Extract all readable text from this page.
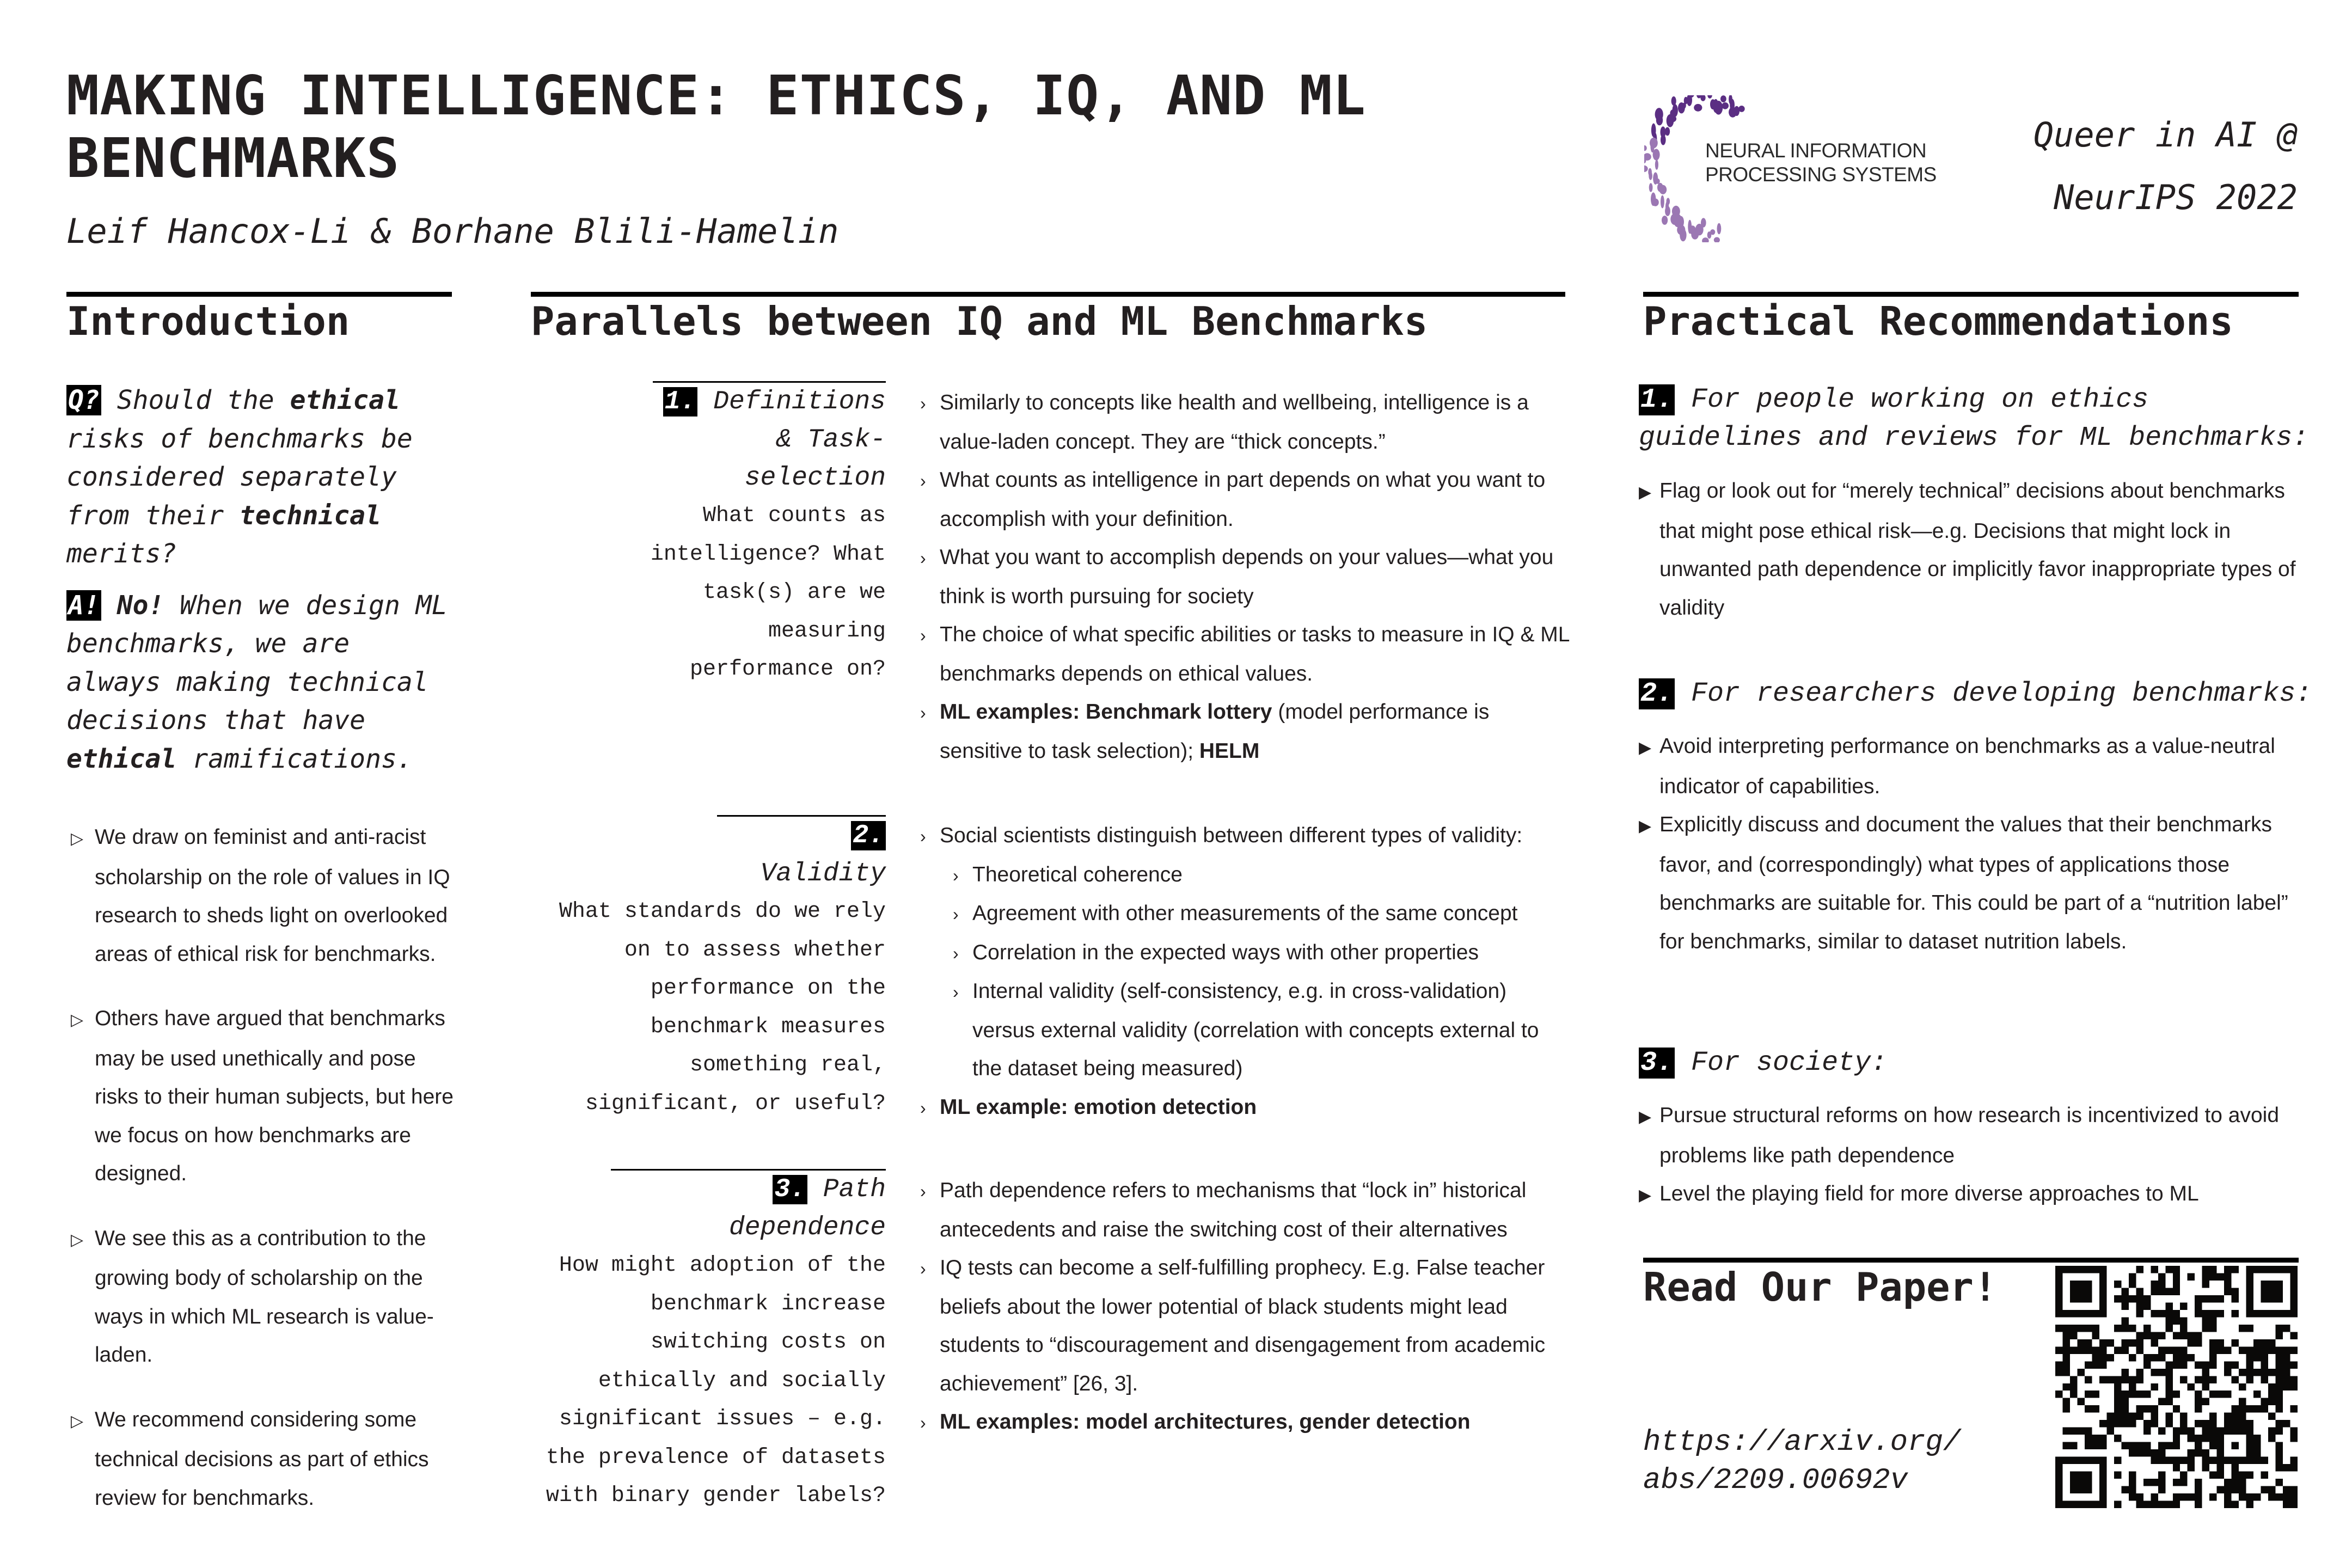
MAKING INTELLIGENCE: ETHICS, IQ, AND ML BENCHMARKS
Leif Hancox-Li & Borhane Blili-Hamelin
NEURAL INFORMATION
PROCESSING SYSTEMS
Queer in AI @
NeurIPS 2022
Introduction	Parallels between IQ and ML Benchmarks	Practical Recommendations

Q? Should the ethical risks of benchmarks be considered separately from their technical merits?

A! No! When we design ML benchmarks, we are always making technical decisions that have ethical ramifications.

▷ We draw on feminist and anti-racist scholarship on the role of values in IQ research to sheds light on overlooked areas of ethical risk for benchmarks.
▷ Others have argued that benchmarks may be used unethically and pose risks to their human subjects, but here we focus on how benchmarks are designed.
▷ We see this as a contribution to the growing body of scholarship on the ways in which ML research is value-laden.
▷ We recommend considering some technical decisions as part of ethics review for benchmarks.
1. Definitions & Task-selection
What counts as intelligence? What task(s) are we measuring performance on?
› Similarly to concepts like health and wellbeing, intelligence is a value-laden concept. They are “thick concepts.”
› What counts as intelligence in part depends on what you want to accomplish with your definition.
› What you want to accomplish depends on your values—what you think is worth pursuing for society
› The choice of what specific abilities or tasks to measure in IQ & ML benchmarks depends on ethical values.
› ML examples: Benchmark lottery (model performance is sensitive to task selection); HELM
2. Validity
What standards do we rely on to assess whether performance on the benchmark measures something real, significant, or useful?
› Social scientists distinguish between different types of validity:
› Theoretical coherence
› Agreement with other measurements of the same concept
› Correlation in the expected ways with other properties
› Internal validity (self-consistency, e.g. in cross-validation) versus external validity (correlation with concepts external to the dataset being measured)
› ML example: emotion detection
3. Path dependence
How might adoption of the benchmark increase switching costs on ethically and socially significant issues – e.g. the prevalence of datasets with binary gender labels?
› Path dependence refers to mechanisms that “lock in” historical antecedents and raise the switching cost of their alternatives
› IQ tests can become a self-fulfilling prophecy. E.g. False teacher beliefs about the lower potential of black students might lead students to “discouragement and disengagement from academic achievement” [26, 3].
› ML examples: model architectures, gender detection
1. For people working on ethics guidelines and reviews for ML benchmarks:
▶ Flag or look out for “merely technical” decisions about benchmarks that might pose ethical risk—e.g. Decisions that might lock in unwanted path dependence or implicitly favor inappropriate types of validity
2. For researchers developing benchmarks:
▶ Avoid interpreting performance on benchmarks as a value-neutral indicator of capabilities.
▶ Explicitly discuss and document the values that their benchmarks favor, and (correspondingly) what types of applications those benchmarks are suitable for. This could be part of a “nutrition label” for benchmarks, similar to dataset nutrition labels.
3. For society:
▶ Pursue structural reforms on how research is incentivized to avoid problems like path dependence
▶ Level the playing field for more diverse approaches to ML
Read Our Paper!
https://arxiv.org/
abs/2209.00692v
